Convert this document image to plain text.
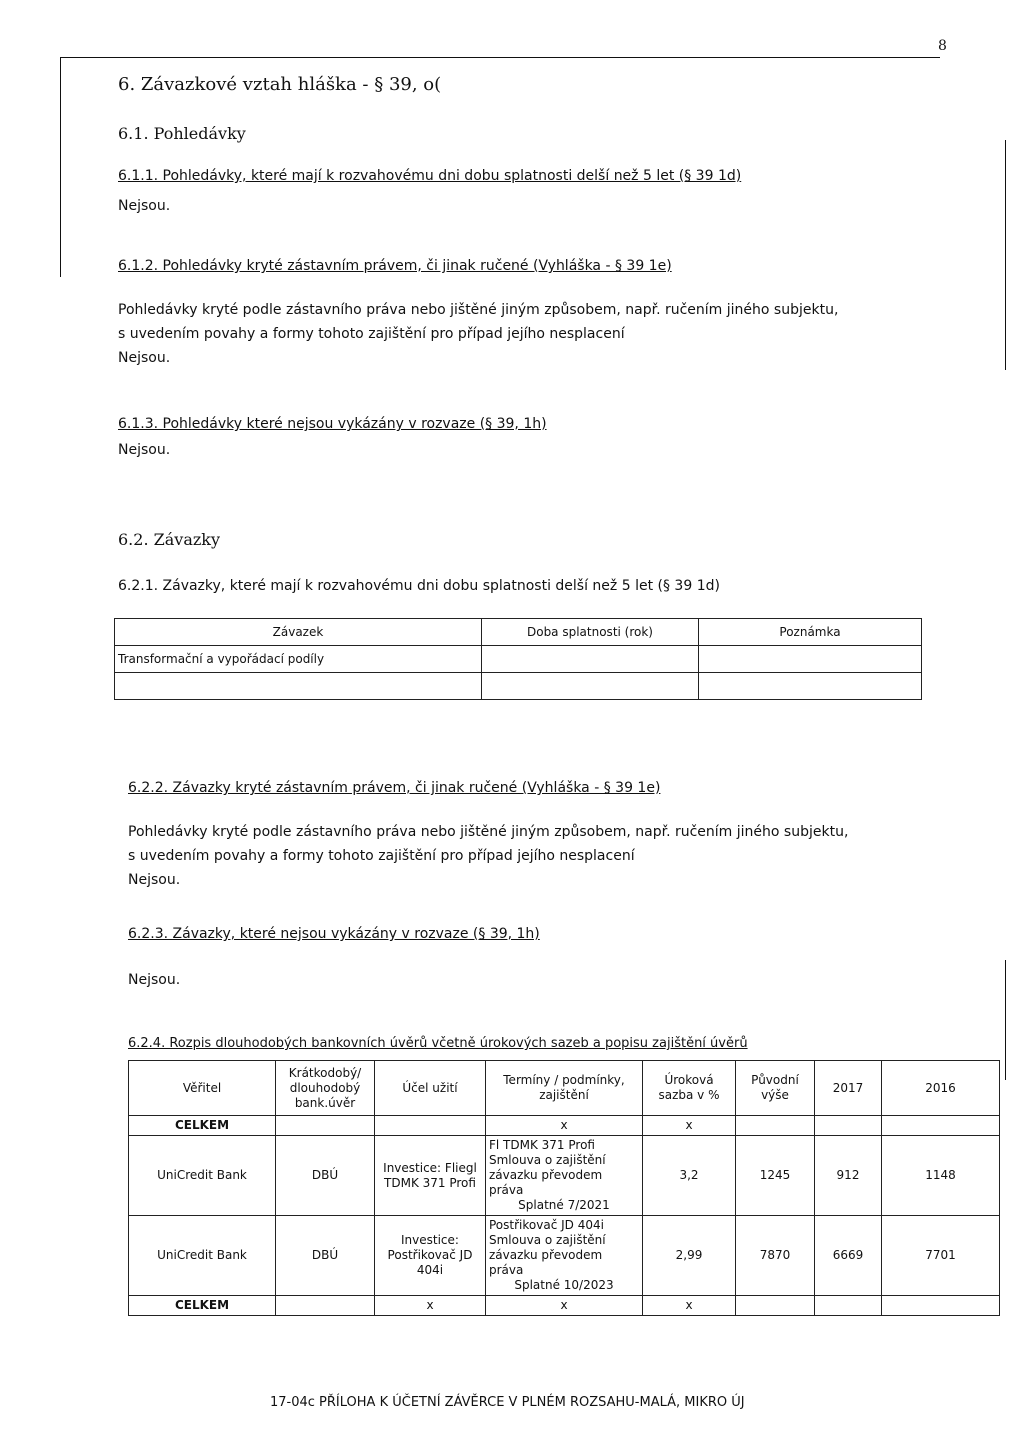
8
6. Závazkové vztah hláška - § 39, o​(
6.1. Pohledávky
6.1.1. Pohledávky, které mají k rozvahovému dni dobu splatnosti delší než 5 let (§ 39 1d)
Nejsou.
6.1.2. Pohledávky kryté zástavním právem, či jinak ručené (Vyhláška - § 39 1e)
Pohledávky kryté podle zástavního práva nebo jištěné jiným způsobem, např. ručením jiného subjektu,
s uvedením povahy a formy tohoto zajištění pro případ jejího nesplacení
Nejsou.
6.1.3. Pohledávky které nejsou vykázány v rozvaze (§ 39, 1h)
Nejsou.
6.2. Závazky
6.2.1. Závazky, které mají k rozvahovému dni dobu splatnosti delší než 5 let (§ 39 1d)
Závazek	Doba splatnosti (rok)	Poznámka
Transformační a vypořádací podíly		

6.2.2. Závazky kryté zástavním právem, či jinak ručené (Vyhláška - § 39 1e)
Pohledávky kryté podle zástavního práva nebo jištěné jiným způsobem, např. ručením jiného subjektu,
s uvedením povahy a formy tohoto zajištění pro případ jejího nesplacení
Nejsou.
6.2.3. Závazky, které nejsou vykázány v rozvaze (§ 39, 1h)
Nejsou.
6.2.4. Rozpis dlouhodobých bankovních úvěrů včetně úrokových sazeb a popisu zajištění úvěrů
Věřitel	Krátkodobý/ dlouhodobý bank.úvěr	Účel užití	Termíny / podmínky, zajištění	Úroková sazba v %	Původní výše	2017	2016
CELKEM			x	x			
UniCredit Bank	DBÚ	Investice: Fliegl TDMK 371 Profi	Fl TDMK 371 Profi
Smlouva o zajištění závazku převodem práva
Splatné 7/2021	3,2	1245	912	1148
UniCredit Bank	DBÚ	Investice: Postřikovač JD 404i	Postřikovač JD 404i
Smlouva o zajištění závazku převodem práva
Splatné 10/2023	2,99	7870	6669	7701
CELKEM		x	x	x			
17-04c PŘÍLOHA K ÚČETNÍ ZÁVĚRCE V PLNÉM ROZSAHU-MALÁ, MIKRO ÚJ
